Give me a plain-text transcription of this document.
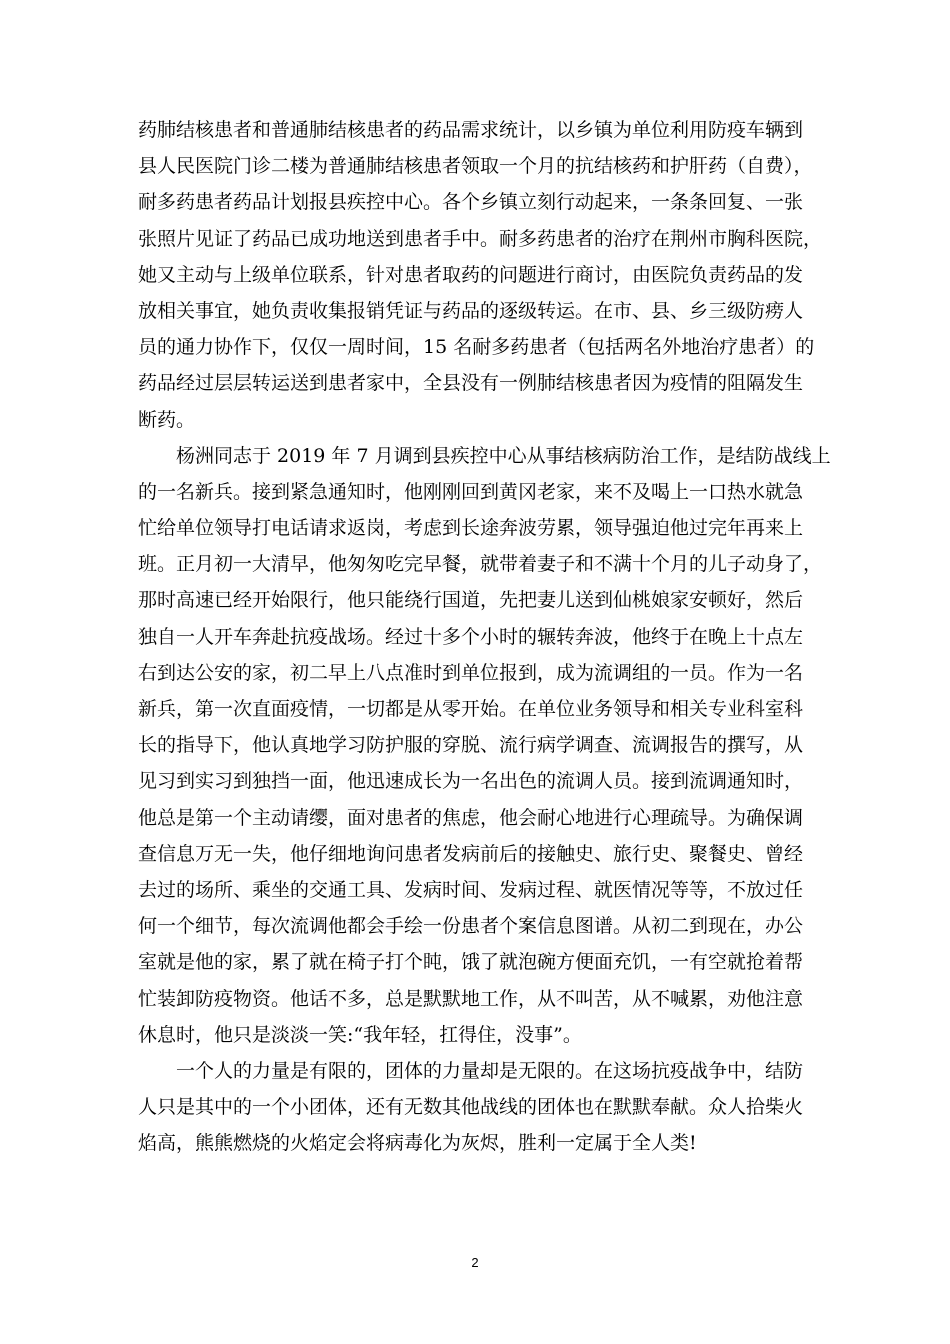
药肺结核患者和普通肺结核患者的药品需求统计，以乡镇为单位利用防疫车辆到
县人民医院门诊二楼为普通肺结核患者领取一个月的抗结核药和护肝药（自费），
耐多药患者药品计划报县疾控中心。各个乡镇立刻行动起来，一条条回复、一张
张照片见证了药品已成功地送到患者手中。耐多药患者的治疗在荆州市胸科医院，
她又主动与上级单位联系，针对患者取药的问题进行商讨，由医院负责药品的发
放相关事宜，她负责收集报销凭证与药品的逐级转运。在市、县、乡三级防痨人
员的通力协作下，仅仅一周时间，15 名耐多药患者（包括两名外地治疗患者）的
药品经过层层转运送到患者家中，全县没有一例肺结核患者因为疫情的阻隔发生
断药。
　　杨洲同志于 2019 年 7 月调到县疾控中心从事结核病防治工作，是结防战线上
的一名新兵。接到紧急通知时，他刚刚回到黄冈老家，来不及喝上一口热水就急
忙给单位领导打电话请求返岗，考虑到长途奔波劳累，领导强迫他过完年再来上
班。正月初一大清早，他匆匆吃完早餐，就带着妻子和不满十个月的儿子动身了，
那时高速已经开始限行，他只能绕行国道，先把妻儿送到仙桃娘家安顿好，然后
独自一人开车奔赴抗疫战场。经过十多个小时的辗转奔波，他终于在晚上十点左
右到达公安的家，初二早上八点准时到单位报到，成为流调组的一员。作为一名
新兵，第一次直面疫情，一切都是从零开始。在单位业务领导和相关专业科室科
长的指导下，他认真地学习防护服的穿脱、流行病学调查、流调报告的撰写，从
见习到实习到独挡一面，他迅速成长为一名出色的流调人员。接到流调通知时，
他总是第一个主动请缨，面对患者的焦虑，他会耐心地进行心理疏导。为确保调
查信息万无一失，他仔细地询问患者发病前后的接触史、旅行史、聚餐史、曾经
去过的场所、乘坐的交通工具、发病时间、发病过程、就医情况等等，不放过任
何一个细节，每次流调他都会手绘一份患者个案信息图谱。从初二到现在，办公
室就是他的家，累了就在椅子打个盹，饿了就泡碗方便面充饥，一有空就抢着帮
忙装卸防疫物资。他话不多，总是默默地工作，从不叫苦，从不喊累，劝他注意
休息时，他只是淡淡一笑:“我年轻，扛得住，没事”。
　　一个人的力量是有限的，团体的力量却是无限的。在这场抗疫战争中，结防
人只是其中的一个小团体，还有无数其他战线的团体也在默默奉献。众人拾柴火
焰高，熊熊燃烧的火焰定会将病毒化为灰烬，胜利一定属于全人类!
2
